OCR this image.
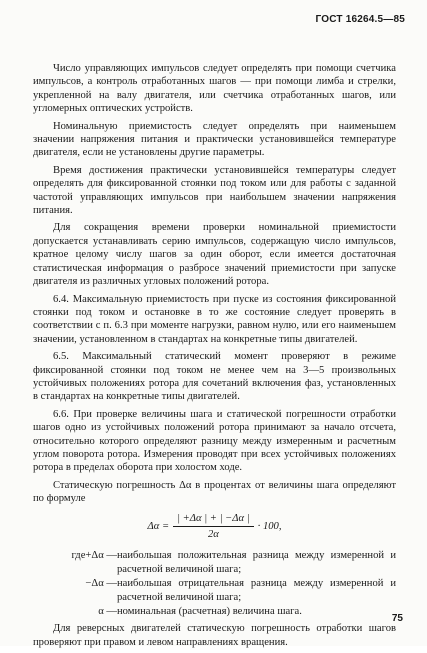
ГОСТ 16264.5—85

Число управляющих импульсов следует определять при помощи счетчика импульсов, а контроль отработанных шагов — при помощи лимба и стрелки, укрепленной на валу двигателя, или счетчика отработанных шагов, или угломерных оптических устройств.

Номинальную приемистость следует определять при наименьшем значении напряжения питания и практически установившейся температуре двигателя, если не установлены другие параметры.

Время достижения практически установившейся температуры следует определять для фиксированной стоянки под током или для работы с заданной частотой управляющих импульсов при наибольшем значении напряжения питания.

Для сокращения времени проверки номинальной приемистости допускается устанавливать серию импульсов, содержащую число импульсов, кратное целому числу шагов за один оборот, если имеется достаточная статистическая информация о разбросе значений приемистости при запуске двигателя из различных угловых положений ротора.

6.4. Максимальную приемистость при пуске из состояния фиксированной стоянки под током и остановке в то же состояние следует проверять в соответствии с п. 6.3 при моменте нагрузки, равном нулю, или его наименьшем значении, установленном в стандартах на конкретные типы двигателей.

6.5. Максимальный статический момент проверяют в режиме фиксированной стоянки под током не менее чем на 3—5 произвольных устойчивых положениях ротора для сочетаний включения фаз, установленных в стандартах на конкретные типы двигателей.

6.6. При проверке величины шага и статической погрешности отработки шагов одно из устойчивых положений ротора принимают за начало отсчета, относительно которого определяют разницу между измеренным и расчетным углом поворота ротора. Измерения проводят при всех устойчивых положениях ротора в пределах оборота при холостом ходе.

Статическую погрешность Δα в процентах от величины шага определяют по формуле

$\Delta\alpha = \frac{| +\Delta\alpha | + | -\Delta\alpha |}{2\alpha} \cdot 100$,
где+Δα — наибольшая положительная разница между измеренной и расчетной величиной шага;
−Δα — наибольшая отрицательная разница между измеренной и расчетной величиной шага;
α — номинальная (расчетная) величина шага.

Для реверсных двигателей статическую погрешность отработки шагов проверяют при правом и левом направлениях вращения.

75
